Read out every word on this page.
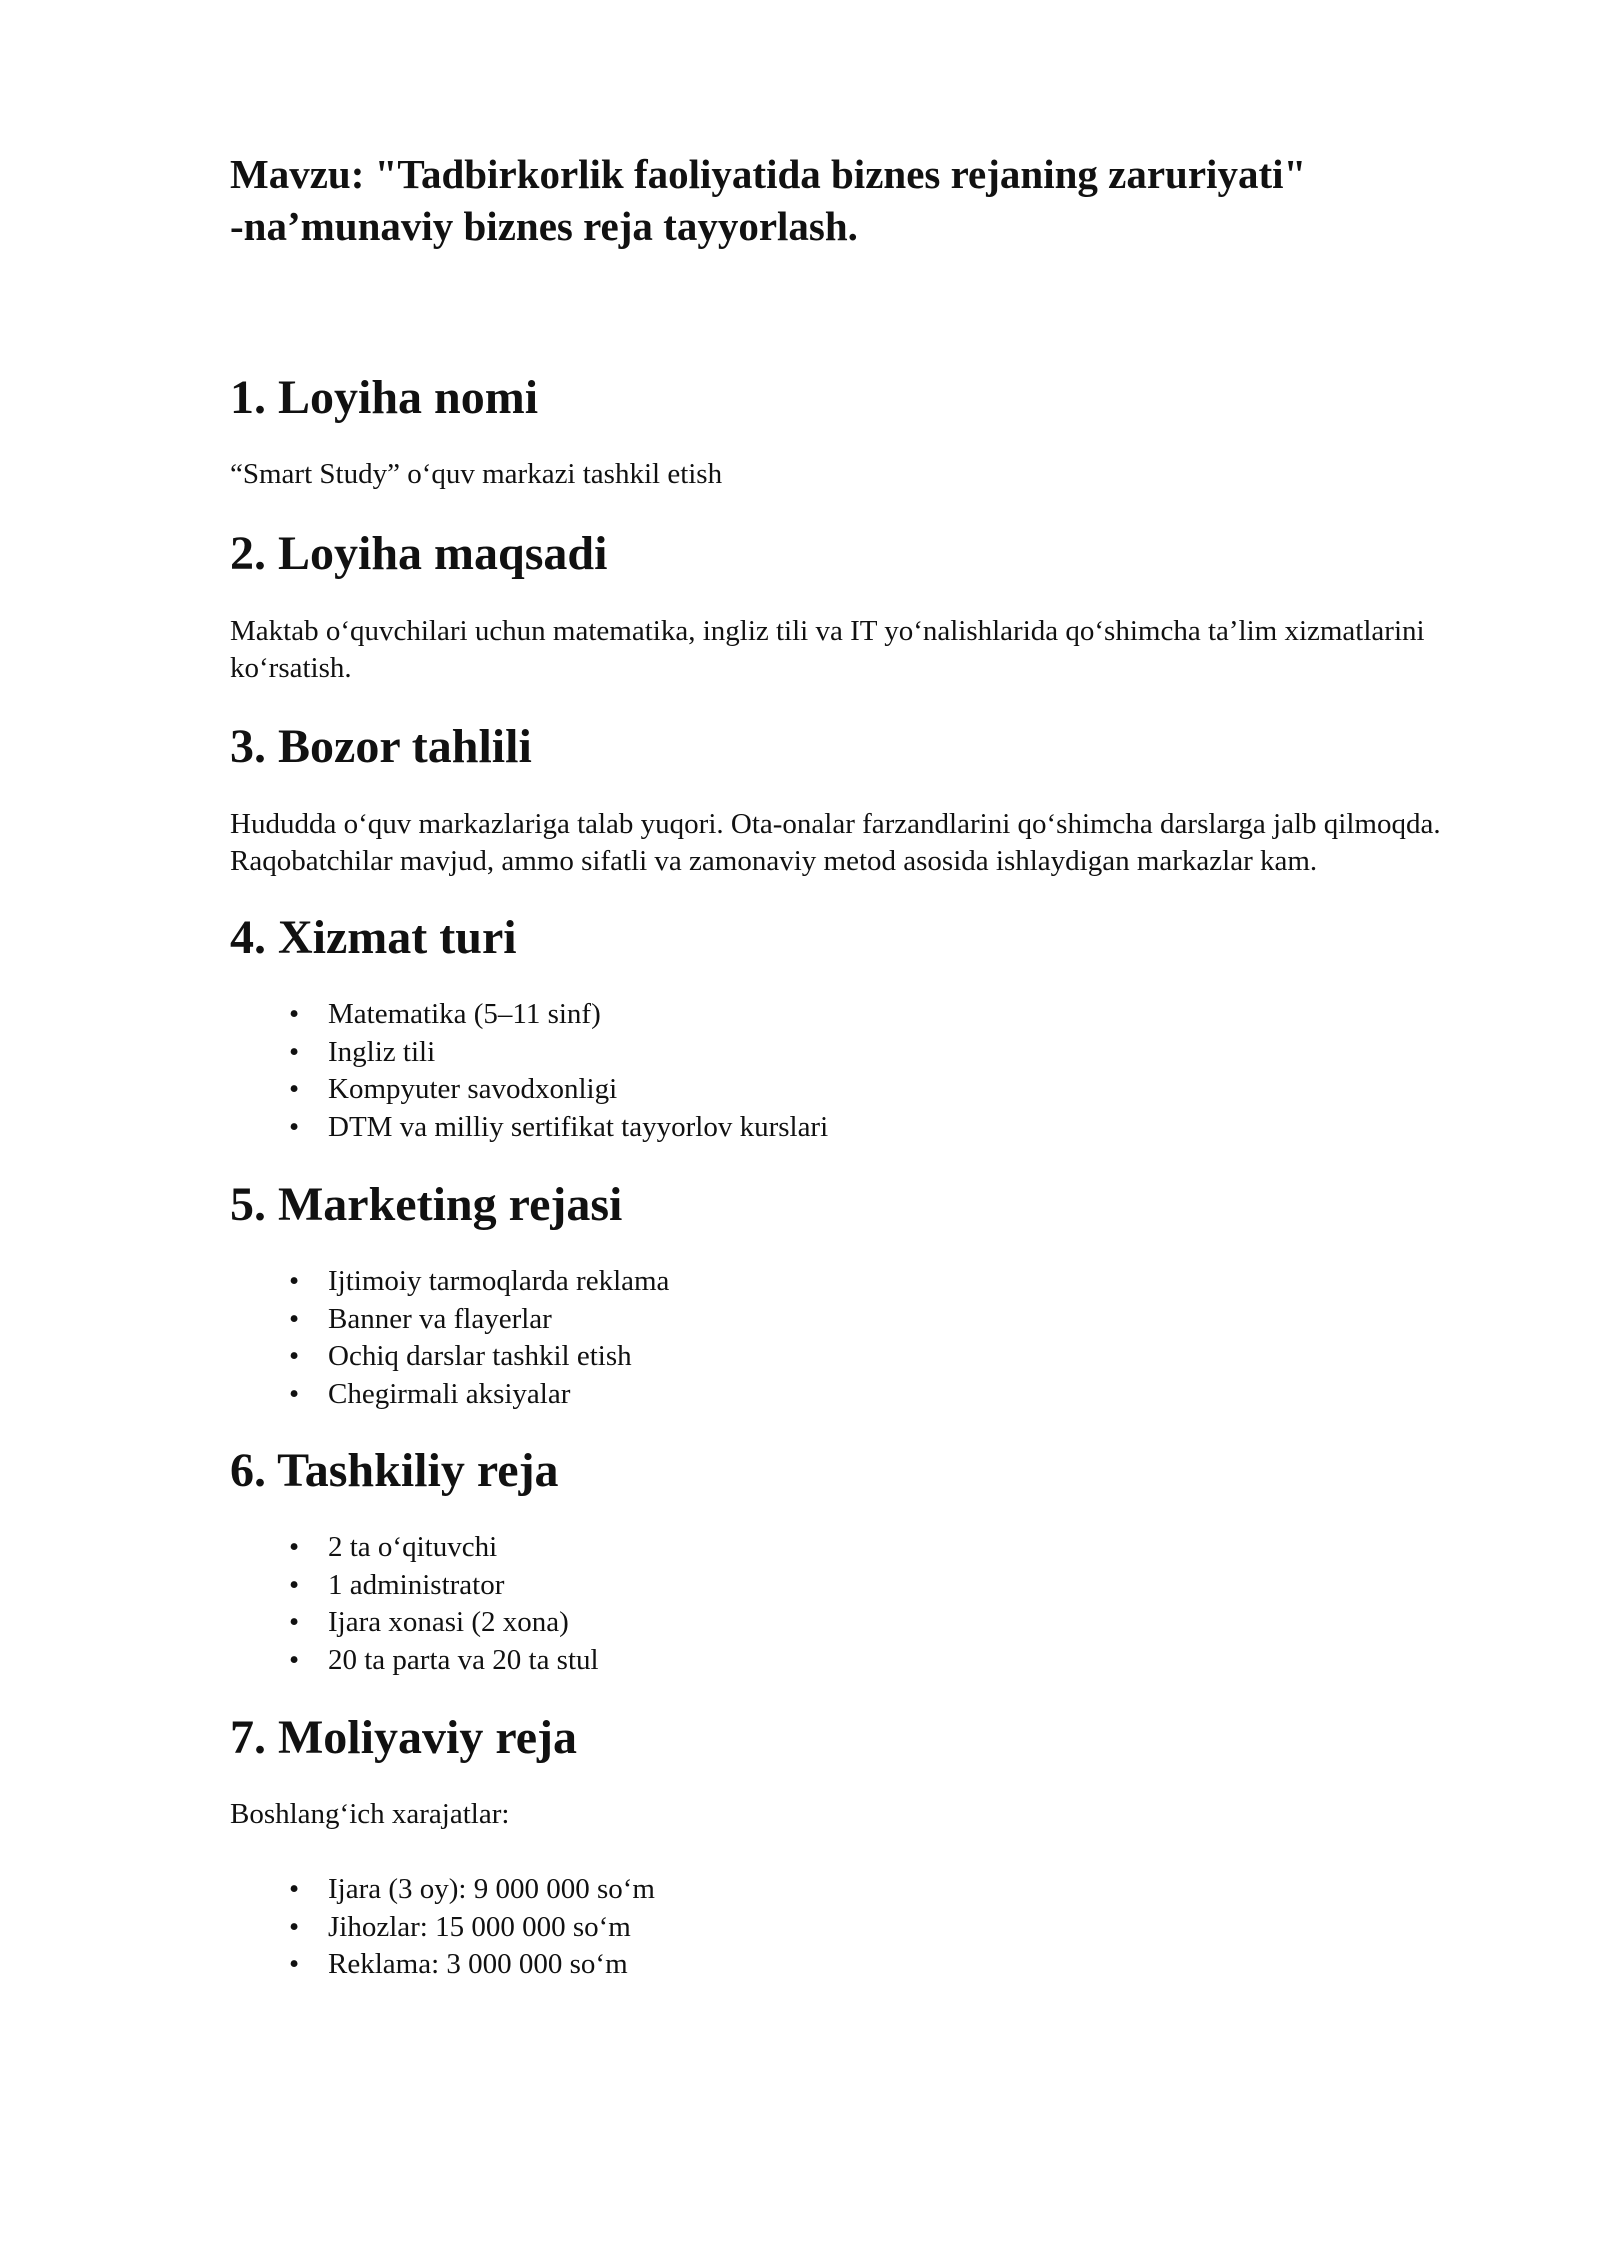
Mavzu: "Tadbirkorlik faoliyatida biznes rejaning zaruriyati"
-na’munaviy biznes reja tayyorlash.
1. Loyiha nomi

“Smart Study” o‘quv markazi tashkil etish

2. Loyiha maqsadi

Maktab o‘quvchilari uchun matematika, ingliz tili va IT yo‘nalishlarida qo‘shimcha ta’lim xizmatlarini ko‘rsatish.

3. Bozor tahlili

Hududda o‘quv markazlariga talab yuqori. Ota-onalar farzandlarini qo‘shimcha darslarga jalb qilmoqda. Raqobatchilar mavjud, ammo sifatli va zamonaviy metod asosida ishlaydigan markazlar kam.

4. Xizmat turi
• Matematika (5–11 sinf)
• Ingliz tili
• Kompyuter savodxonligi
• DTM va milliy sertifikat tayyorlov kurslari
5. Marketing rejasi
• Ijtimoiy tarmoqlarda reklama
• Banner va flayerlar
• Ochiq darslar tashkil etish
• Chegirmali aksiyalar
6. Tashkiliy reja
• 2 ta o‘qituvchi
• 1 administrator
• Ijara xonasi (2 xona)
• 20 ta parta va 20 ta stul
7. Moliyaviy reja

Boshlang‘ich xarajatlar:

• Ijara (3 oy): 9 000 000 so‘m
• Jihozlar: 15 000 000 so‘m
• Reklama: 3 000 000 so‘m
